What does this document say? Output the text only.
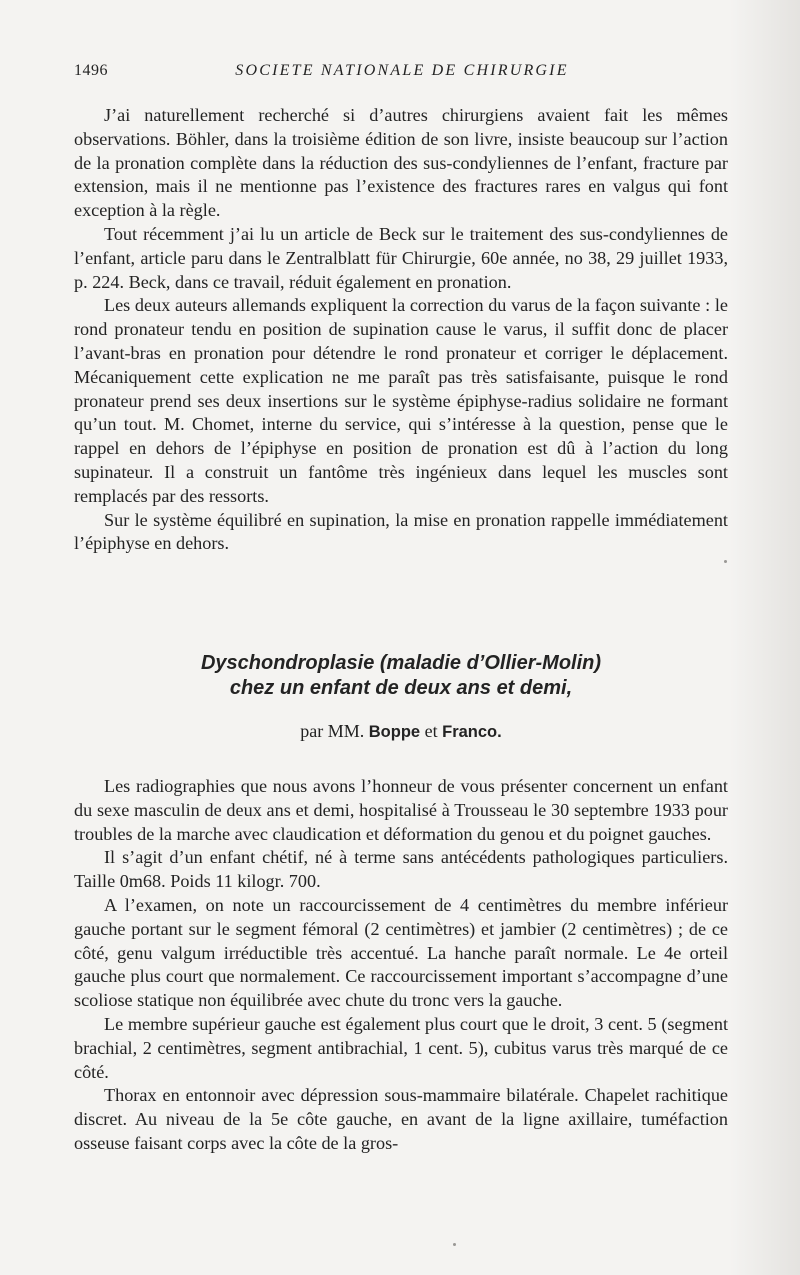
1496	SOCIETE NATIONALE DE CHIRURGIE

J’ai naturellement recherché si d’autres chirurgiens avaient fait les mêmes observations. Böhler, dans la troisième édition de son livre, insiste beaucoup sur l’action de la pronation complète dans la réduction des sus-condyliennes de l’enfant, fracture par extension, mais il ne mentionne pas l’existence des fractures rares en valgus qui font exception à la règle.

Tout récemment j’ai lu un article de Beck sur le traitement des sus-condyliennes de l’enfant, article paru dans le Zentralblatt für Chirurgie, 60e année, no 38, 29 juillet 1933, p. 224. Beck, dans ce travail, réduit également en pronation.

Les deux auteurs allemands expliquent la correction du varus de la façon suivante : le rond pronateur tendu en position de supination cause le varus, il suffit donc de placer l’avant-bras en pronation pour détendre le rond pronateur et corriger le déplacement. Mécaniquement cette explication ne me paraît pas très satisfaisante, puisque le rond pronateur prend ses deux insertions sur le système épiphyse-radius solidaire ne formant qu’un tout. M. Chomet, interne du service, qui s’intéresse à la question, pense que le rappel en dehors de l’épiphyse en position de pronation est dû à l’action du long supinateur. Il a construit un fantôme très ingénieux dans lequel les muscles sont remplacés par des ressorts.

Sur le système équilibré en supination, la mise en pronation rappelle immédiatement l’épiphyse en dehors.

Dyschondroplasie (maladie d’Ollier-Molin)
chez un enfant de deux ans et demi,
par MM. Boppe et Franco.

Les radiographies que nous avons l’honneur de vous présenter concernent un enfant du sexe masculin de deux ans et demi, hospitalisé à Trousseau le 30 septembre 1933 pour troubles de la marche avec claudication et déformation du genou et du poignet gauches.

Il s’agit d’un enfant chétif, né à terme sans antécédents pathologiques particuliers. Taille 0m68. Poids 11 kilogr. 700.

A l’examen, on note un raccourcissement de 4 centimètres du membre inférieur gauche portant sur le segment fémoral (2 centimètres) et jambier (2 centimètres) ; de ce côté, genu valgum irréductible très accentué. La hanche paraît normale. Le 4e orteil gauche plus court que normalement. Ce raccourcissement important s’accompagne d’une scoliose statique non équilibrée avec chute du tronc vers la gauche.

Le membre supérieur gauche est également plus court que le droit, 3 cent. 5 (segment brachial, 2 centimètres, segment antibrachial, 1 cent. 5), cubitus varus très marqué de ce côté.

Thorax en entonnoir avec dépression sous-mammaire bilatérale. Chapelet rachitique discret. Au niveau de la 5e côte gauche, en avant de la ligne axillaire, tuméfaction osseuse faisant corps avec la côte de la gros-
